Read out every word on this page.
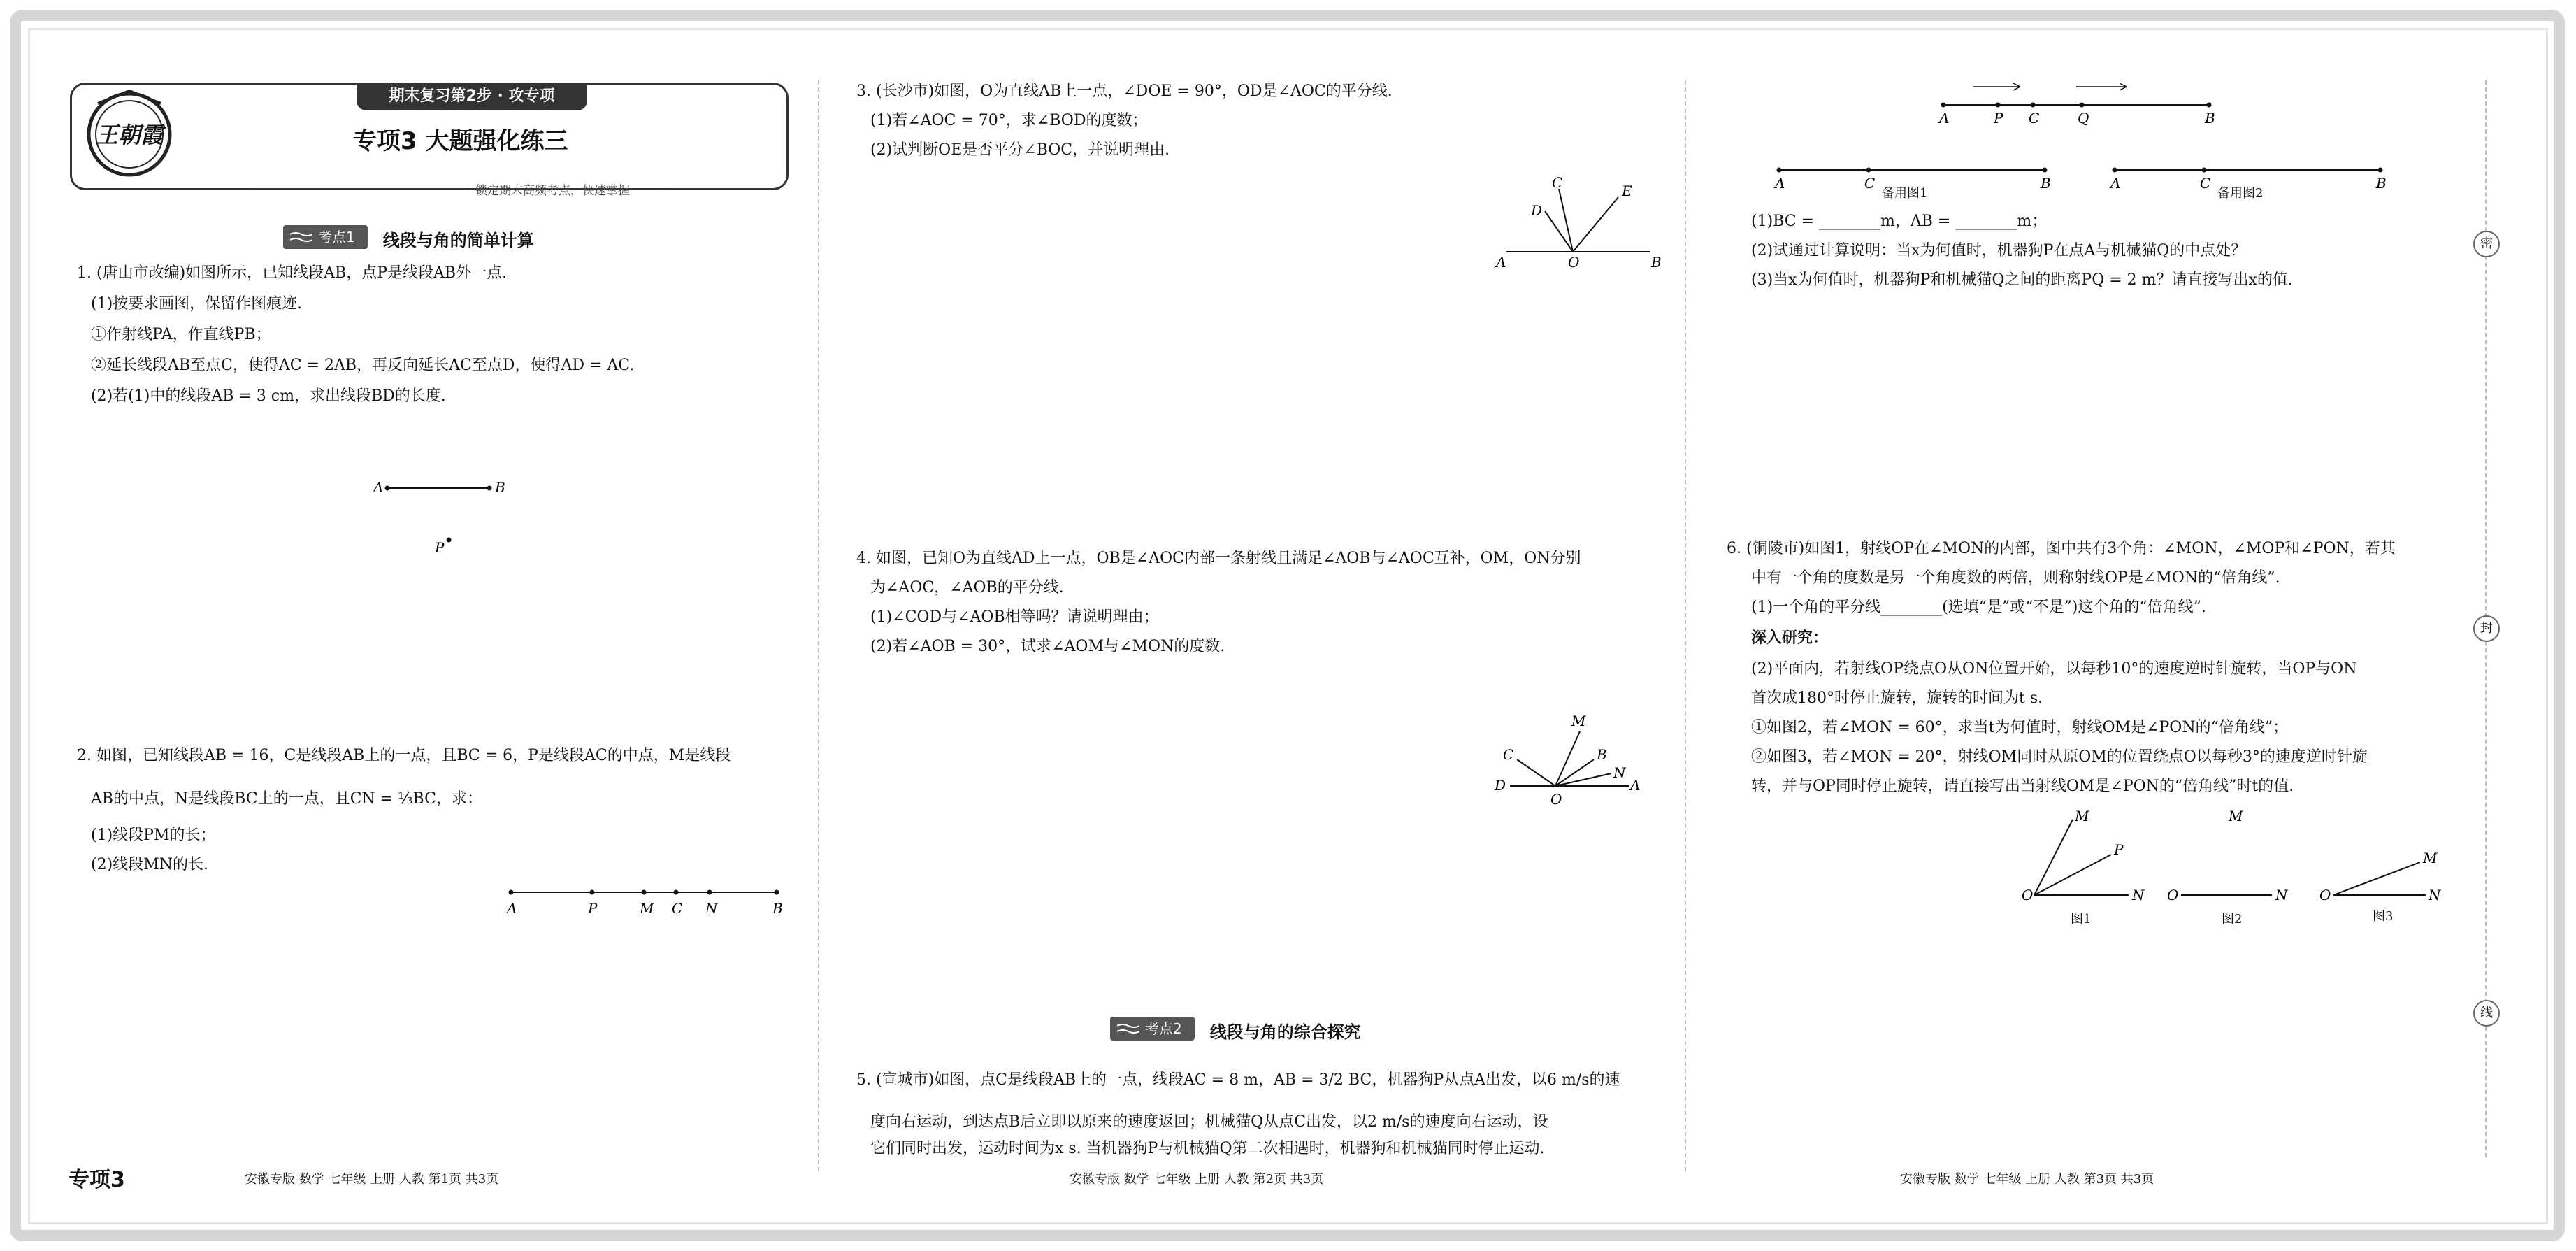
密
封
线
期末复习第2步 · 攻专项
王朝霞	专项3 大题强化练三
锁定期末高频考点，快速掌握
考点1 线段与角的简单计算
1. (唐山市改编)如图所示，已知线段AB，点P是线段AB外一点.
(1)按要求画图，保留作图痕迹.
①作射线PA，作直线PB；
②延长线段AB至点C，使得AC = 2AB，再反向延长AC至点D，使得AD = AC.
(2)若(1)中的线段AB = 3 cm，求出线段BD的长度.
A	B
P
2. 如图，已知线段AB = 16，C是线段AB上的一点，且BC = 6，P是线段AC的中点，M是线段
AB的中点，N是线段BC上的一点，且CN = ⅓BC，求：
(1)线段PM的长；
(2)线段MN的长.
A	P	M C N	B
3. (长沙市)如图，O为直线AB上一点，∠DOE = 90°，OD是∠AOC的平分线.
(1)若∠AOC = 70°，求∠BOD的度数；
(2)试判断OE是否平分∠BOC，并说明理由.
A	B
O
D
C	E
4. 如图，已知O为直线AD上一点，OB是∠AOC内部一条射线且满足∠AOB与∠AOC互补，OM，ON分别
为∠AOC，∠AOB的平分线.
(1)∠COD与∠AOB相等吗？请说明理由；
(2)若∠AOB = 30°，试求∠AOM与∠MON的度数.
D	A
O
C
M
B
N
考点2 线段与角的综合探究
5. (宣城市)如图，点C是线段AB上的一点，线段AC = 8 m，AB = 3/2 BC，机器狗P从点A出发，以6 m/s的速
度向右运动，到达点B后立即以原来的速度返回；机械猫Q从点C出发，以2 m/s的速度向右运动，设
它们同时出发，运动时间为x s. 当机器狗P与机械猫Q第二次相遇时，机器狗和机械猫同时停止运动.
A	P C	Q	B
A	C	B	A	C	B
备用图1	备用图2
(1)BC = ________m，AB = ________m；
(2)试通过计算说明：当x为何值时，机器狗P在点A与机械猫Q的中点处？
(3)当x为何值时，机器狗P和机械猫Q之间的距离PQ = 2 m？请直接写出x的值.
6. (铜陵市)如图1，射线OP在∠MON的内部，图中共有3个角：∠MON，∠MOP和∠PON，若其
中有一个角的度数是另一个角度数的两倍，则称射线OP是∠MON的“倍角线”.
(1)一个角的平分线________(选填“是”或“不是”)这个角的“倍角线”.
深入研究：
(2)平面内，若射线OP绕点O从ON位置开始，以每秒10°的速度逆时针旋转，当OP与ON
首次成180°时停止旋转，旋转的时间为t s.
①如图2，若∠MON = 60°，求当t为何值时，射线OM是∠PON的“倍角线”；
②如图3，若∠MON = 20°，射线OM同时从原OM的位置绕点O以每秒3°的速度逆时针旋
转，并与OP同时停止旋转，请直接写出当射线OM是∠PON的“倍角线”时t的值.
O	N
M
P
O	N
M
O	N
M
图1	图2	图3
专项3	安徽专版 数学 七年级 上册 人教 第1页 共3页	安徽专版 数学 七年级 上册 人教 第2页 共3页	安徽专版 数学 七年级 上册 人教 第3页 共3页
